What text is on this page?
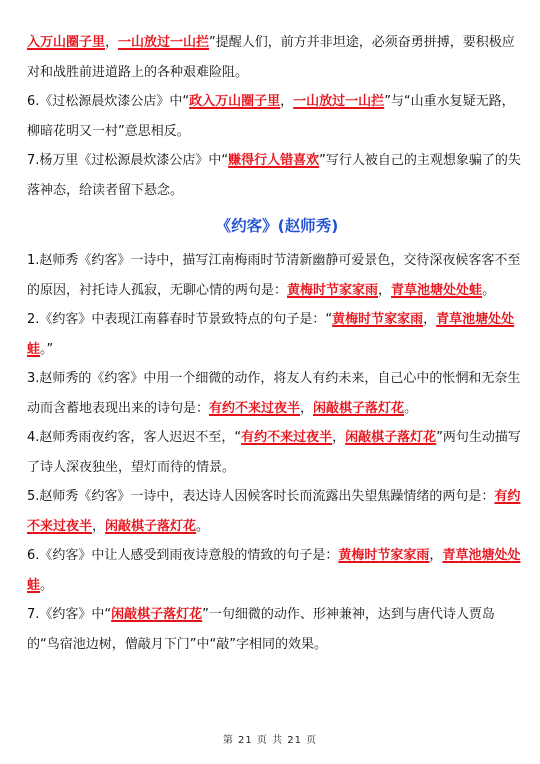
入万山圈子里，一山放过一山拦”提醒人们，前方并非坦途，必须奋勇拼搏，要积极应对和战胜前进道路上的各种艰难险阻。

6.《过松源晨炊漆公店》中“政入万山圈子里，一山放过一山拦”与“山重水复疑无路，柳暗花明又一村”意思相反。

7.杨万里《过松源晨炊漆公店》中“赚得行人错喜欢”写行人被自己的主观想象骗了的失落神态，给读者留下悬念。

《约客》(赵师秀)

1.赵师秀《约客》一诗中，描写江南梅雨时节清新幽静可爱景色，交待深夜候客客不至的原因，衬托诗人孤寂，无聊心情的两句是：黄梅时节家家雨，青草池塘处处蛙。

2.《约客》中表现江南暮春时节景致特点的句子是：“黄梅时节家家雨，青草池塘处处蛙。”

3.赵师秀的《约客》中用一个细微的动作，将友人有约未来，自己心中的怅惘和无奈生动而含蓄地表现出来的诗句是：有约不来过夜半，闲敲棋子落灯花。

4.赵师秀雨夜约客，客人迟迟不至，“有约不来过夜半，闲敲棋子落灯花”两句生动描写了诗人深夜独坐，望灯而待的情景。

5.赵师秀《约客》一诗中，表达诗人因候客时长而流露出失望焦躁情绪的两句是：有约不来过夜半，闲敲棋子落灯花。

6.《约客》中让人感受到雨夜诗意般的情致的句子是：黄梅时节家家雨，青草池塘处处蛙。

7.《约客》中“闲敲棋子落灯花”一句细微的动作、形神兼神，达到与唐代诗人贾岛的“鸟宿池边树，僧敲月下门”中“敲”字相同的效果。

第 21 页 共 21 页
